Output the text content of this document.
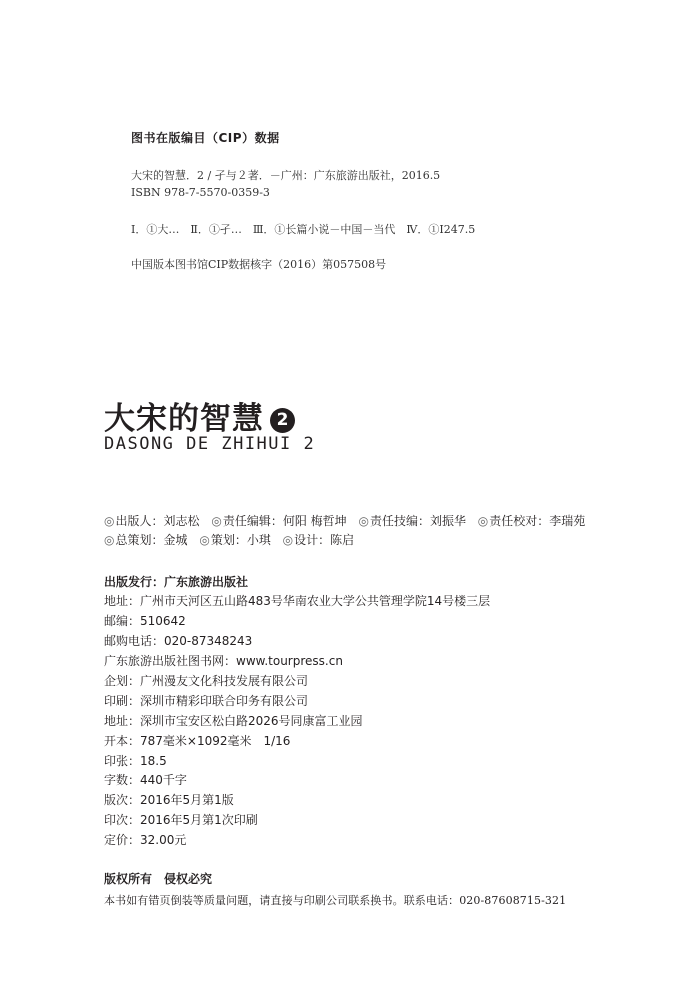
图书在版编目（CIP）数据
大宋的智慧．2 / 孑与２著．－广州：广东旅游出版社，2016.5
ISBN 978-7-5570-0359-3
Ⅰ．①大…　Ⅱ．①孑…　Ⅲ．①长篇小说－中国－当代　Ⅳ．①I247.5
中国版本图书馆CIP数据核字（2016）第057508号
大宋的智慧 2
DASONG DE ZHIHUI 2
◎出版人：刘志松 ◎责任编辑：何阳 梅哲坤 ◎责任技编：刘振华 ◎责任校对：李瑞苑
◎总策划：金城 ◎策划：小琪 ◎设计：陈启
出版发行：广东旅游出版社
地址：广州市天河区五山路483号华南农业大学公共管理学院14号楼三层
邮编：510642
邮购电话：020-87348243
广东旅游出版社图书网：www.tourpress.cn
企划：广州漫友文化科技发展有限公司
印刷：深圳市精彩印联合印务有限公司
地址：深圳市宝安区松白路2026号同康富工业园
开本：787毫米×1092毫米　1/16
印张：18.5
字数：440千字
版次：2016年5月第1版
印次：2016年5月第1次印刷
定价：32.00元
版权所有　侵权必究
本书如有错页倒装等质量问题，请直接与印刷公司联系换书。联系电话：020-87608715-321
